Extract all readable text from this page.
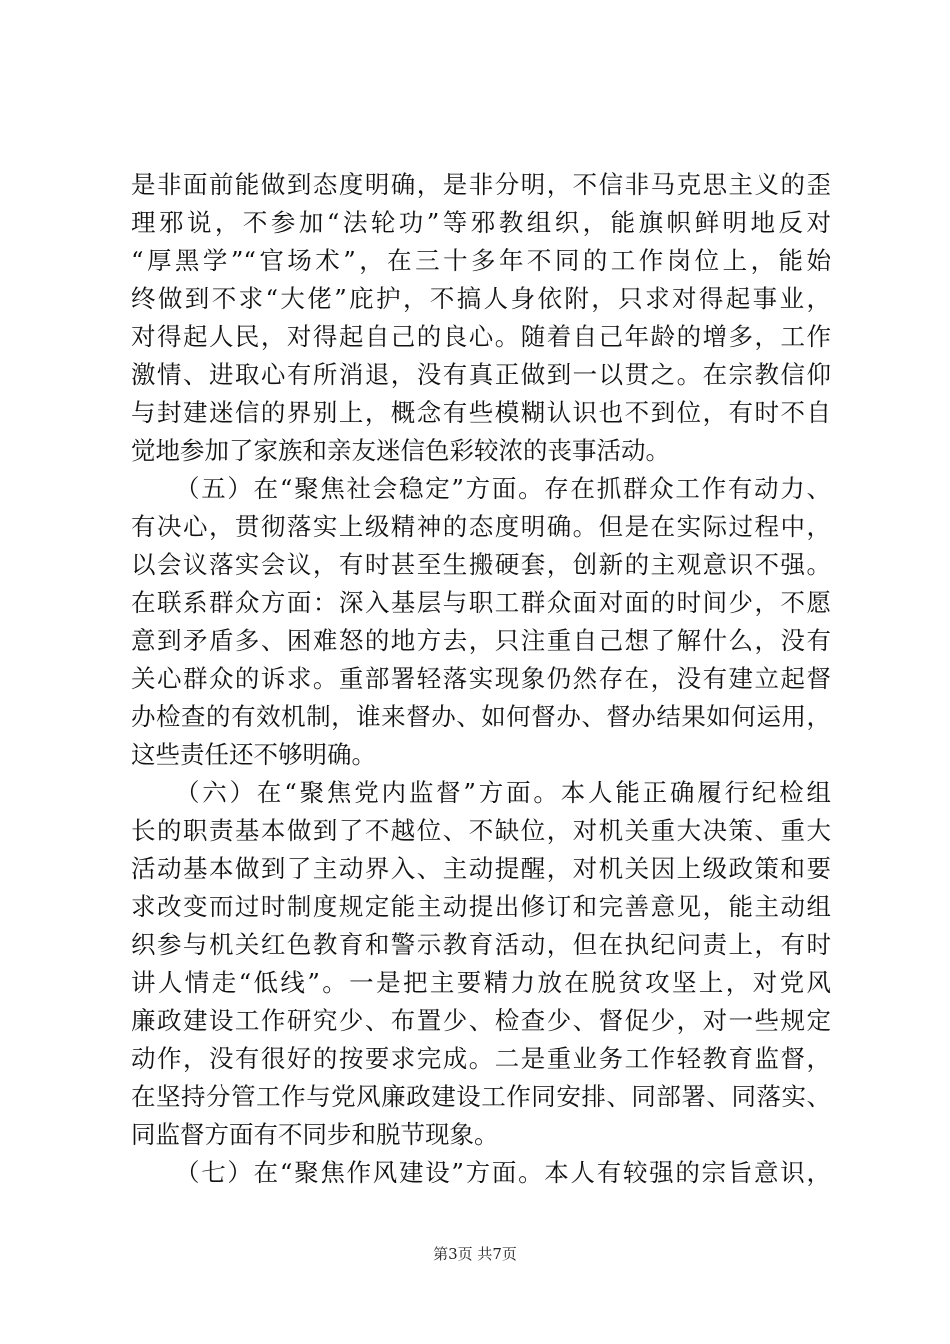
是非面前能做到态度明确，是非分明，不信非马克思主义的歪
理邪说，不参加“法轮功”等邪教组织，能旗帜鲜明地反对
“厚黑学”“官场术”，在三十多年不同的工作岗位上，能始
终做到不求“大佬”庇护，不搞人身依附，只求对得起事业，
对得起人民，对得起自己的良心。随着自己年龄的增多，工作
激情、进取心有所消退，没有真正做到一以贯之。在宗教信仰
与封建迷信的界别上，概念有些模糊认识也不到位，有时不自
觉地参加了家族和亲友迷信色彩较浓的丧事活动。
（五）在“聚焦社会稳定”方面。存在抓群众工作有动力、
有决心，贯彻落实上级精神的态度明确。但是在实际过程中，
以会议落实会议，有时甚至生搬硬套，创新的主观意识不强。
在联系群众方面：深入基层与职工群众面对面的时间少，不愿
意到矛盾多、困难怒的地方去，只注重自己想了解什么，没有
关心群众的诉求。重部署轻落实现象仍然存在，没有建立起督
办检查的有效机制，谁来督办、如何督办、督办结果如何运用，
这些责任还不够明确。
（六）在“聚焦党内监督”方面。本人能正确履行纪检组
长的职责基本做到了不越位、不缺位，对机关重大决策、重大
活动基本做到了主动界入、主动提醒，对机关因上级政策和要
求改变而过时制度规定能主动提出修订和完善意见，能主动组
织参与机关红色教育和警示教育活动，但在执纪问责上，有时
讲人情走“低线”。一是把主要精力放在脱贫攻坚上，对党风
廉政建设工作研究少、布置少、检查少、督促少，对一些规定
动作，没有很好的按要求完成。二是重业务工作轻教育监督，
在坚持分管工作与党风廉政建设工作同安排、同部署、同落实、
同监督方面有不同步和脱节现象。
（七）在“聚焦作风建设”方面。本人有较强的宗旨意识，
第3页 共7页
